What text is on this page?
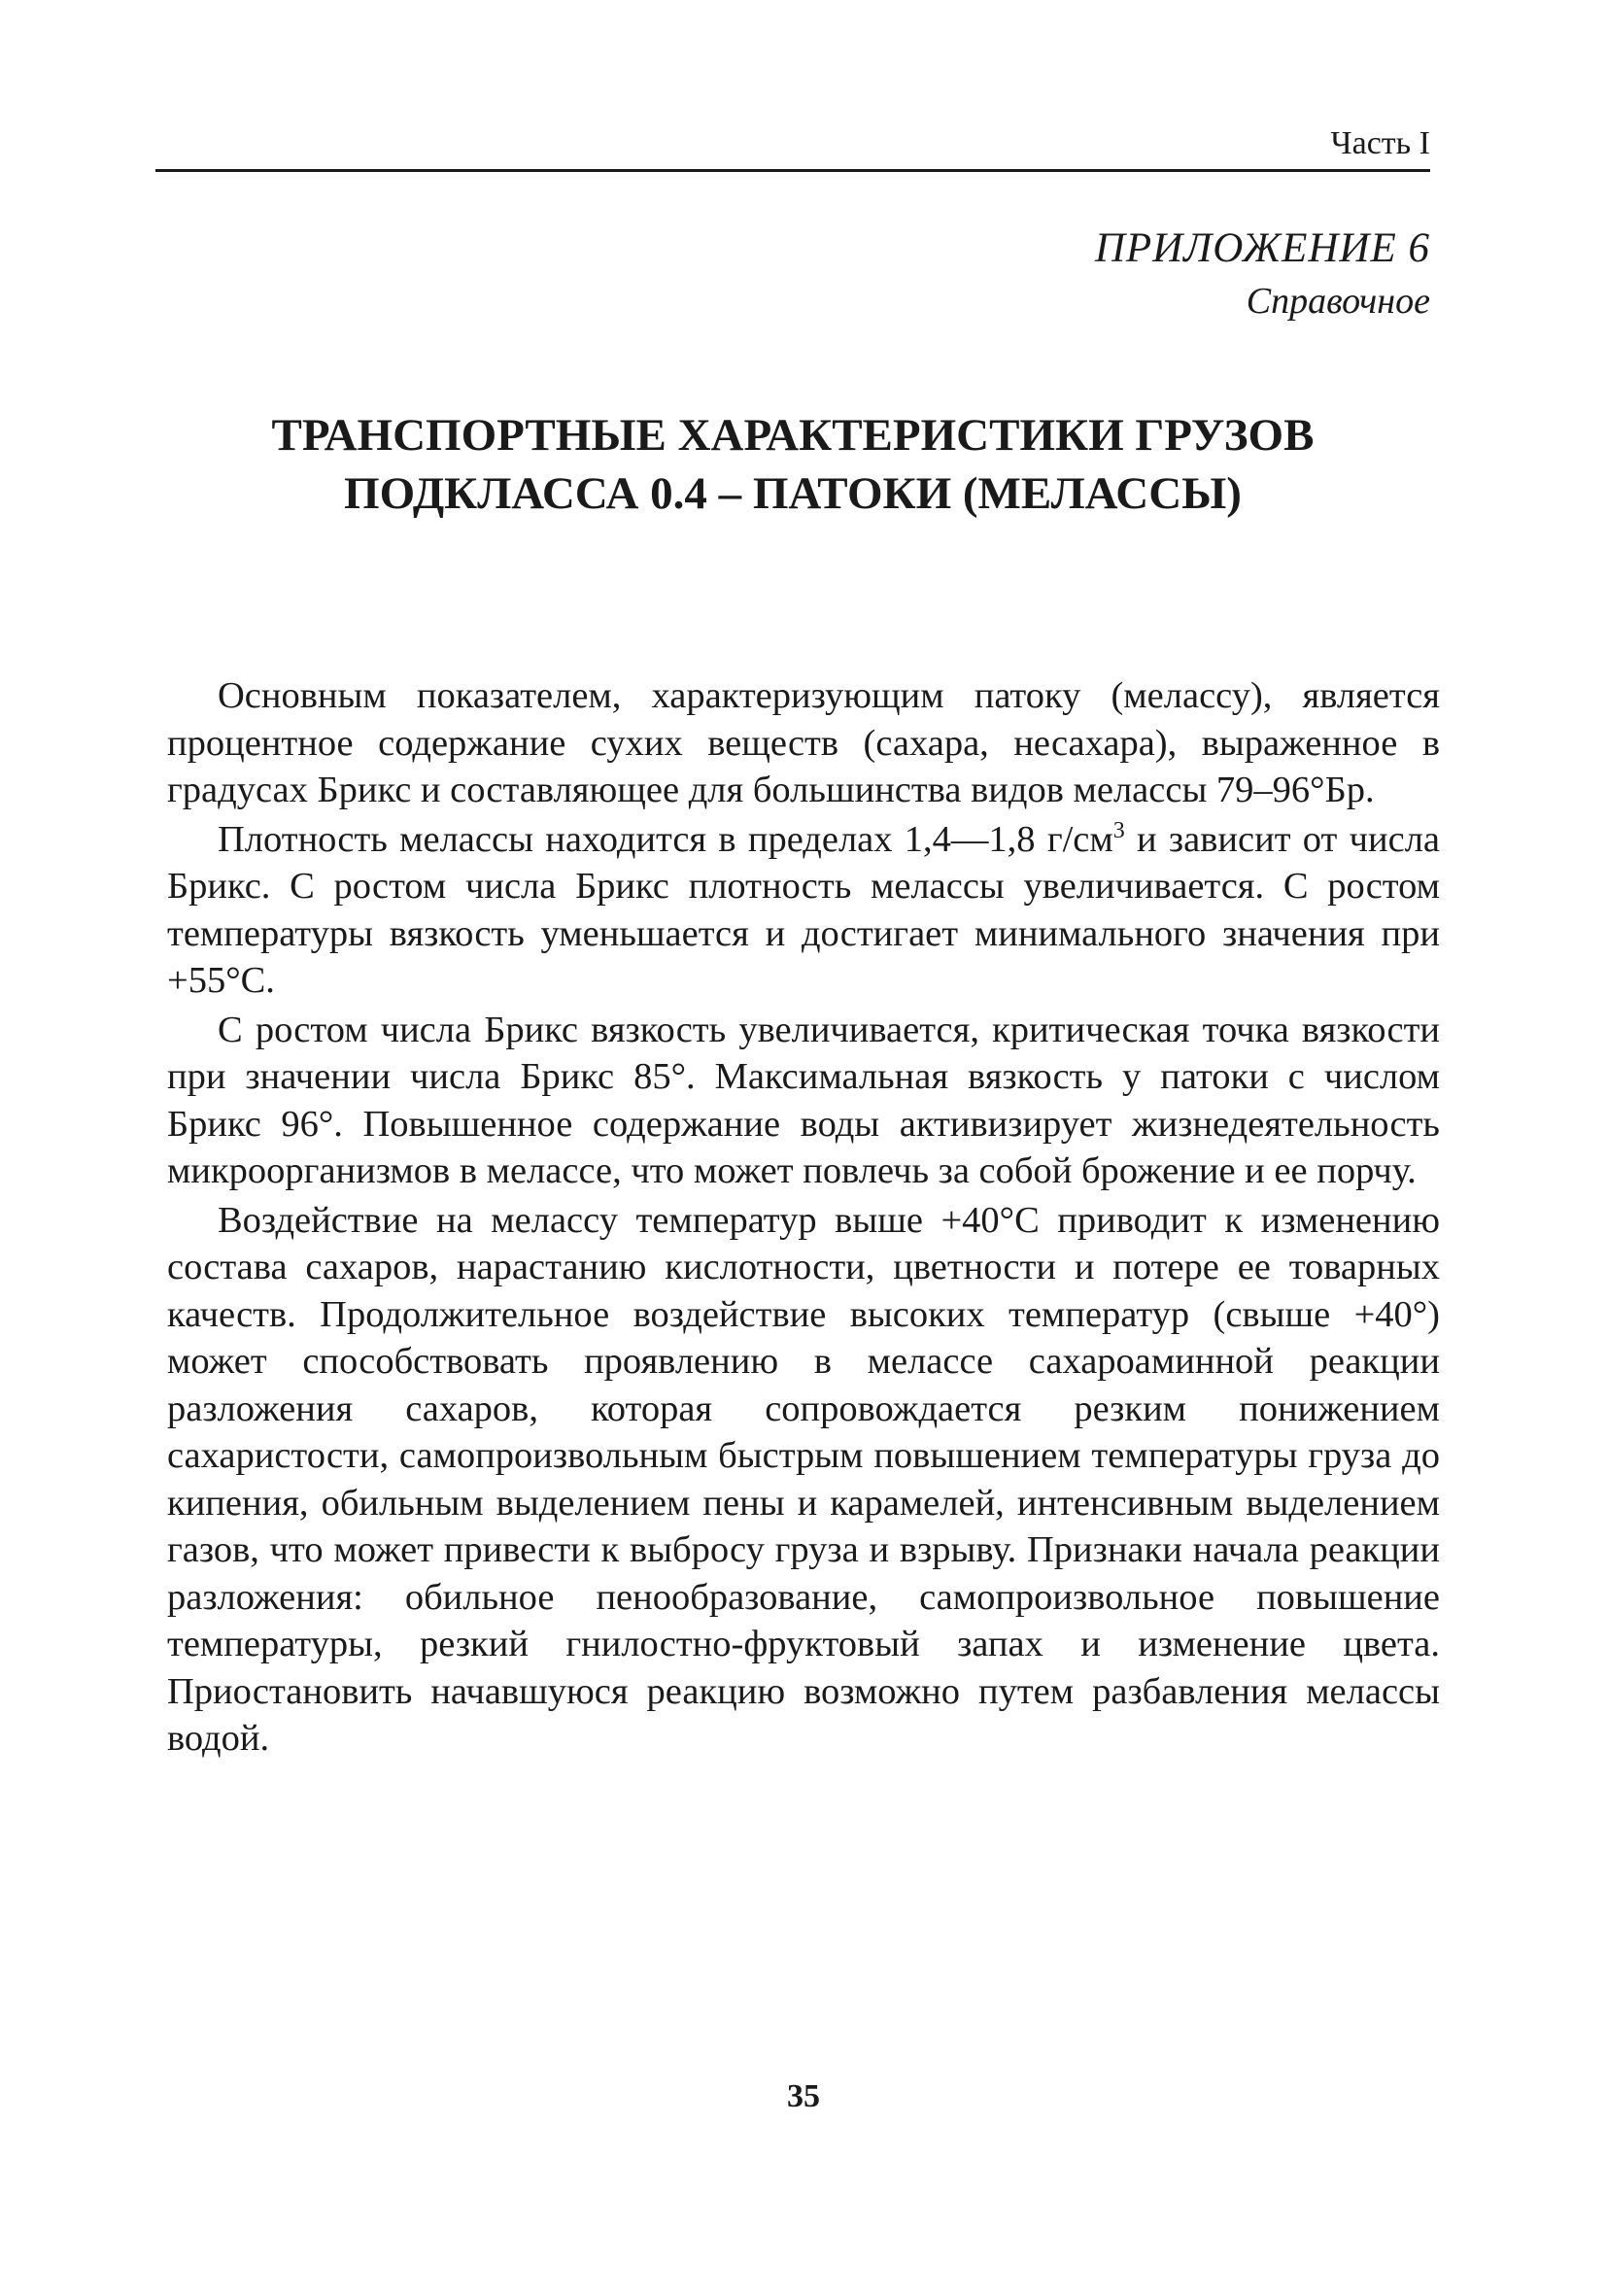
Часть I
ПРИЛОЖЕНИЕ 6
Справочное
ТРАНСПОРТНЫЕ ХАРАКТЕРИСТИКИ ГРУЗОВ
ПОДКЛАССА 0.4 – ПАТОКИ (МЕЛАССЫ)

Основным показателем, характеризующим патоку (мелассу), является процентное содержание сухих веществ (сахара, несахара), выраженное в градусах Брикс и составляющее для большинства видов мелассы 79–96°Бр.

Плотность мелассы находится в пределах 1,4—1,8 $г/см^3$ и зависит от числа Брикс. С ростом числа Брикс плотность мелассы увеличивается. С ростом температуры вязкость уменьшается и достигает минимального значения при +55°С.

С ростом числа Брикс вязкость увеличивается, критическая точка вязкости при значении числа Брикс 85°. Максимальная вязкость у патоки с числом Брикс 96°. Повышенное содержание воды активизирует жизнедеятельность микроорганизмов в мелассе, что может повлечь за собой брожение и ее порчу.

Воздействие на мелассу температур выше +40°С приводит к изменению состава сахаров, нарастанию кислотности, цветности и потере ее товарных качеств. Продолжительное воздействие высоких температур (свыше +40°) может способствовать проявлению в мелассе сахароаминной реакции разложения сахаров, которая сопровождается резким понижением сахаристости, самопроизвольным быстрым повышением температуры груза до кипения, обильным выделением пены и карамелей, интенсивным выделением газов, что может привести к выбросу груза и взрыву. Признаки начала реакции разложения: обильное пенообразование, самопроизвольное повышение температуры, резкий гнилостно-фруктовый запах и изменение цвета. Приостановить начавшуюся реакцию возможно путем разбавления мелассы водой.

35
